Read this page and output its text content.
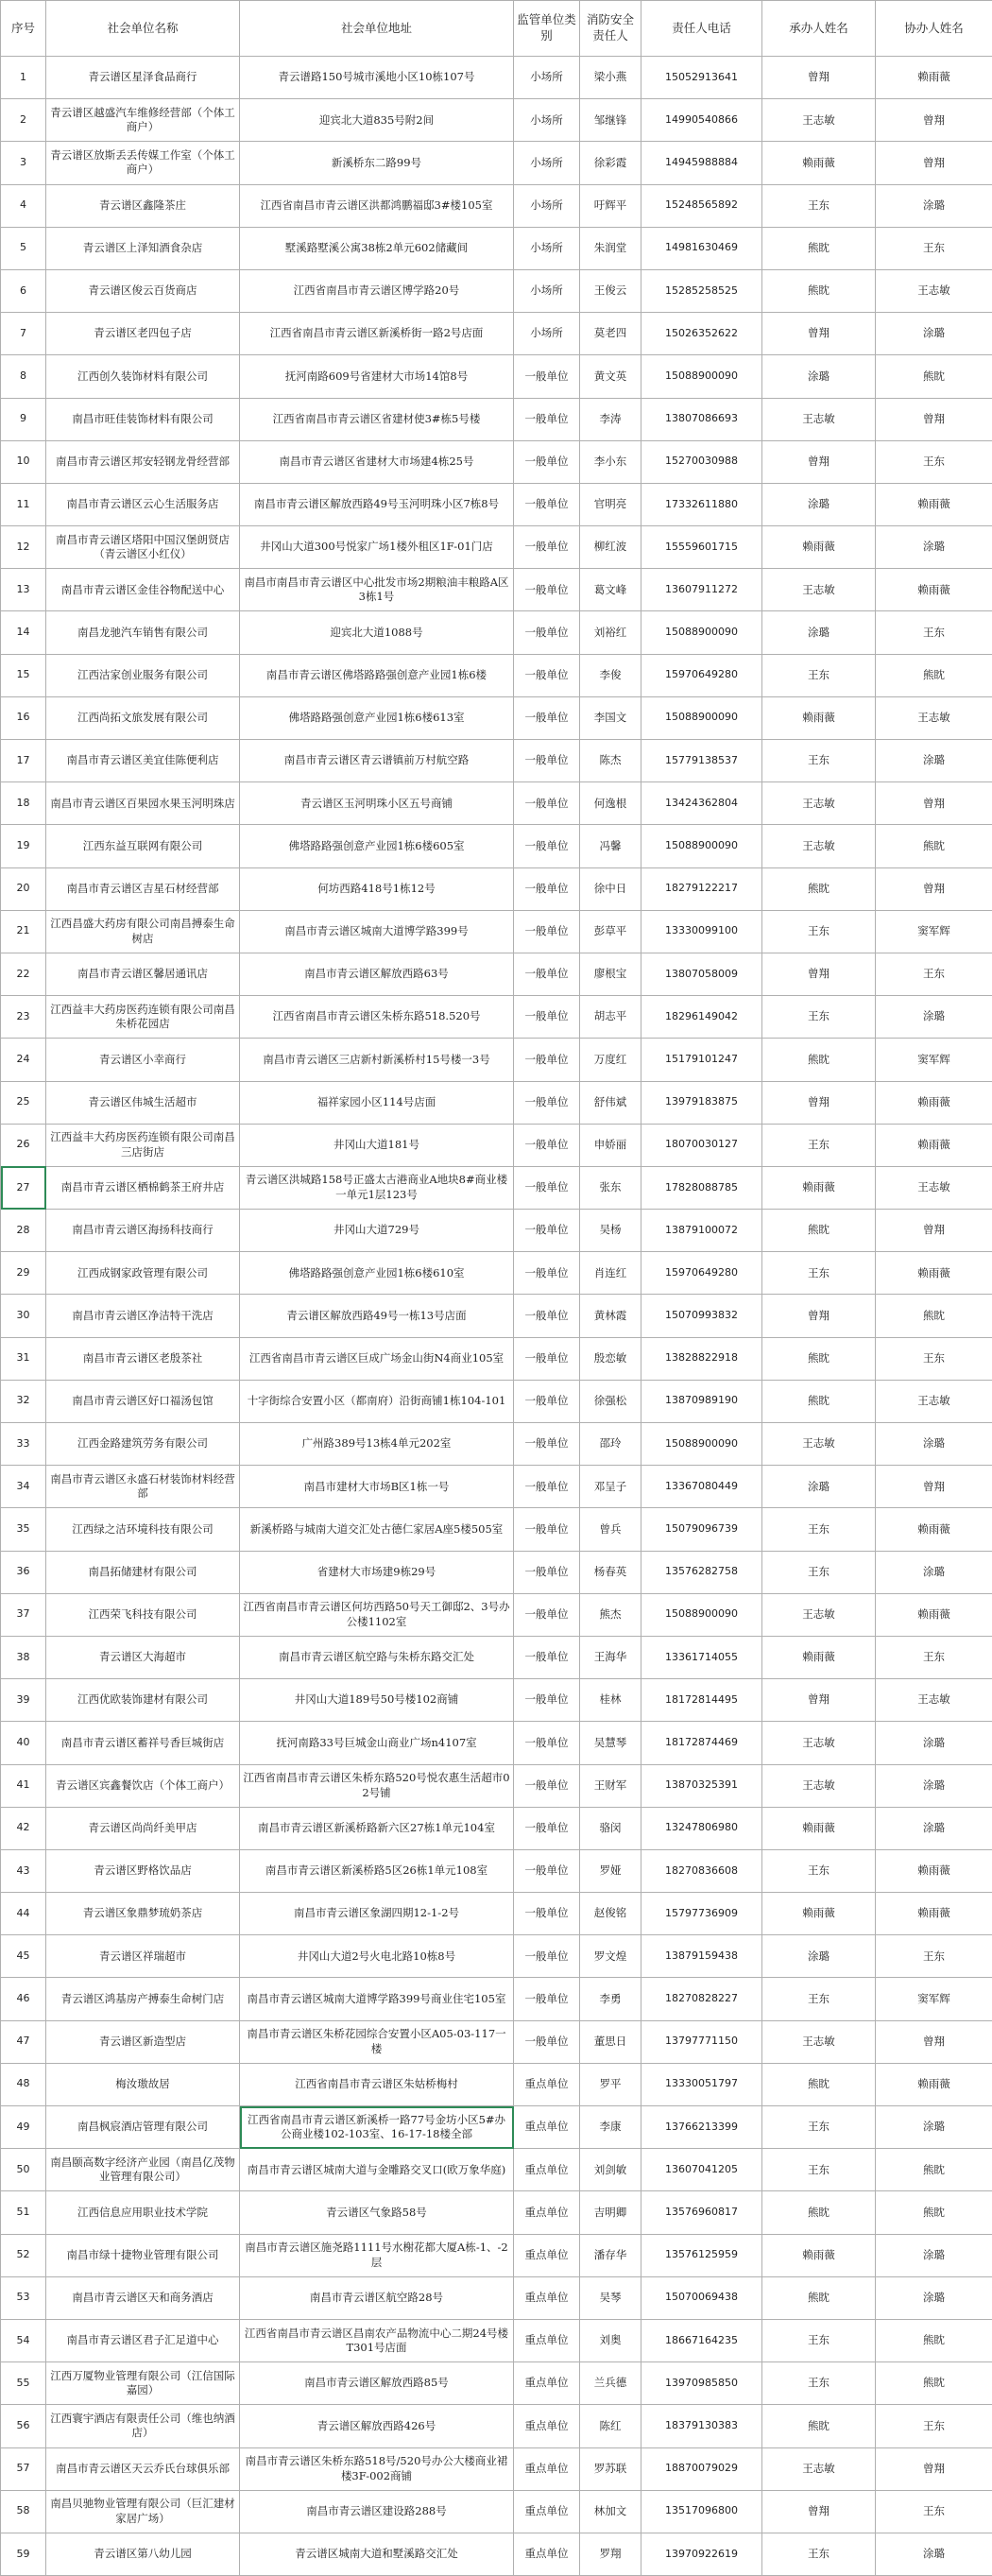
序号	社会单位名称	社会单位地址	监管单位类别	消防安全责任人	责任人电话	承办人姓名	协办人姓名
1	青云谱区星泽食品商行	青云谱路150号城市溪地小区10栋107号	小场所	梁小燕	15052913641	曾翔	赖雨薇
2	青云谱区越盛汽车维修经营部（个体工商户）	迎宾北大道835号附2间	小场所	邹继锋	14990540866	王志敏	曾翔
3	青云谱区放斯丢丢传媒工作室（个体工商户）	新溪桥东二路99号	小场所	徐彩霞	14945988884	赖雨薇	曾翔
4	青云谱区鑫隆茶庄	江西省南昌市青云谱区洪都鸿鹏福邸3#楼105室	小场所	吁辉平	15248565892	王东	涂璐
5	青云谱区上泽知酒食杂店	墅溪路墅溪公寓38栋2单元602储藏间	小场所	朱润堂	14981630469	熊眈	王东
6	青云谱区俊云百货商店	江西省南昌市青云谱区博学路20号	小场所	王俊云	15285258525	熊眈	王志敏
7	青云谱区老四包子店	江西省南昌市青云谱区新溪桥街一路2号店面	小场所	莫老四	15026352622	曾翔	涂璐
8	江西创久装饰材料有限公司	抚河南路609号省建材大市场14馆8号	一般单位	黄文英	15088900090	涂璐	熊眈
9	南昌市旺佳装饰材料有限公司	江西省南昌市青云谱区省建材使3#栋5号楼	一般单位	李涛	13807086693	王志敏	曾翔
10	南昌市青云谱区邦安轻钢龙骨经营部	南昌市青云谱区省建材大市场建4栋25号	一般单位	李小东	15270030988	曾翔	王东
11	南昌市青云谱区云心生活服务店	南昌市青云谱区解放西路49号玉河明珠小区7栋8号	一般单位	官明亮	17332611880	涂璐	赖雨薇
12	南昌市青云谱区塔阳中国汉堡朗贤店（青云谱区小红仪）	井冈山大道300号悦家广场1楼外租区1F-01门店	一般单位	柳红波	15559601715	赖雨薇	涂璐
13	南昌市青云谱区金佳谷物配送中心	南昌市南昌市青云谱区中心批发市场2期粮油丰粮路A区3栋1号	一般单位	葛文峰	13607911272	王志敏	赖雨薇
14	南昌龙驰汽车销售有限公司	迎宾北大道1088号	一般单位	刘裕红	15088900090	涂璐	王东
15	江西沽家创业服务有限公司	南昌市青云谱区佛塔路路强创意产业园1栋6楼	一般单位	李俊	15970649280	王东	熊眈
16	江西尚拓文旅发展有限公司	佛塔路路强创意产业园1栋6楼613室	一般单位	李国文	15088900090	赖雨薇	王志敏
17	南昌市青云谱区美宜佳陈便利店	南昌市青云谱区青云谱镇前万村航空路	一般单位	陈杰	15779138537	王东	涂璐
18	南昌市青云谱区百果园水果玉河明珠店	青云谱区玉河明珠小区五号商铺	一般单位	何逸根	13424362804	王志敏	曾翔
19	江西东益互联网有限公司	佛塔路路强创意产业园1栋6楼605室	一般单位	冯馨	15088900090	王志敏	熊眈
20	南昌市青云谱区吉星石材经营部	何坊西路418号1栋12号	一般单位	徐中日	18279122217	熊眈	曾翔
21	江西昌盛大药房有限公司南昌搏泰生命树店	南昌市青云谱区城南大道博学路399号	一般单位	彭草平	13330099100	王东	窦军辉
22	南昌市青云谱区馨居通讯店	南昌市青云谱区解放西路63号	一般单位	廖根宝	13807058009	曾翔	王东
23	江西益丰大药房医药连锁有限公司南昌朱桥花园店	江西省南昌市青云谱区朱桥东路518.520号	一般单位	胡志平	18296149042	王东	涂璐
24	青云谱区小幸商行	南昌市青云谱区三店新村新溪桥村15号楼一3号	一般单位	万度红	15179101247	熊眈	窦军辉
25	青云谱区伟城生活超市	福祥家园小区114号店面	一般单位	舒伟斌	13979183875	曾翔	赖雨薇
26	江西益丰大药房医药连锁有限公司南昌三店街店	井冈山大道181号	一般单位	申娇丽	18070030127	王东	赖雨薇
27	南昌市青云谱区栖棉鹤茶王府井店	青云谱区洪城路158号正盛太古港商业A地块8#商业楼一单元1层123号	一般单位	张东	17828088785	赖雨薇	王志敏
28	南昌市青云谱区海扬科技商行	井冈山大道729号	一般单位	吴杨	13879100072	熊眈	曾翔
29	江西成钢家政管理有限公司	佛塔路路强创意产业园1栋6楼610室	一般单位	肖连红	15970649280	王东	赖雨薇
30	南昌市青云谱区净洁特干洗店	青云谱区解放西路49号一栋13号店面	一般单位	黄林霞	15070993832	曾翔	熊眈
31	南昌市青云谱区老殷茶社	江西省南昌市青云谱区巨成广场金山街N4商业105室	一般单位	殷恋敏	13828822918	熊眈	王东
32	南昌市青云谱区好口福汤包馆	十字街综合安置小区（都南府）沿街商铺1栋104-101	一般单位	徐强松	13870989190	熊眈	王志敏
33	江西金路建筑劳务有限公司	广州路389号13栋4单元202室	一般单位	邵玲	15088900090	王志敏	涂璐
34	南昌市青云谱区永盛石材装饰材料经营部	南昌市建材大市场B区1栋一号	一般单位	邓呈子	13367080449	涂璐	曾翔
35	江西绿之洁环境科技有限公司	新溪桥路与城南大道交汇处古德仁家居A座5楼505室	一般单位	曾兵	15079096739	王东	赖雨薇
36	南昌拓储建材有限公司	省建材大市场建9栋29号	一般单位	杨春英	13576282758	王东	涂璐
37	江西荣飞科技有限公司	江西省南昌市青云谱区何坊西路50号天工御邸2、3号办公楼1102室	一般单位	熊杰	15088900090	王志敏	赖雨薇
38	青云谱区大海超市	南昌市青云谱区航空路与朱桥东路交汇处	一般单位	王海华	13361714055	赖雨薇	王东
39	江西优欧装饰建材有限公司	井冈山大道189号50号楼102商铺	一般单位	桂林	18172814495	曾翔	王志敏
40	南昌市青云谱区蓄祥号香巨城街店	抚河南路33号巨城金山商业广场n4107室	一般单位	吴慧琴	18172874469	王志敏	涂璐
41	青云谱区宾鑫餐饮店（个体工商户）	江西省南昌市青云谱区朱桥东路520号悦农惠生活超市02号铺	一般单位	王财军	13870325391	王志敏	涂璐
42	青云谱区尚尚纤美甲店	南昌市青云谱区新溪桥路新六区27栋1单元104室	一般单位	骆闵	13247806980	赖雨薇	涂璐
43	青云谱区野格饮品店	南昌市青云谱区新溪桥路5区26栋1单元108室	一般单位	罗娅	18270836608	王东	赖雨薇
44	青云谱区象鼎梦琉奶茶店	南昌市青云谱区象湖四期12-1-2号	一般单位	赵俊铭	15797736909	赖雨薇	赖雨薇
45	青云谱区祥瑞超市	井冈山大道2号火电北路10栋8号	一般单位	罗文煌	13879159438	涂璐	王东
46	青云谱区鸿基房产搏泰生命树门店	南昌市青云谱区城南大道博学路399号商业住宅105室	一般单位	李勇	18270828227	王东	窦军辉
47	青云谱区新造型店	南昌市青云谱区朱桥花园综合安置小区A05-03-117一楼	一般单位	董思日	13797771150	王志敏	曾翔
48	梅汝璈故居	江西省南昌市青云谱区朱姑桥梅村	重点单位	罗平	13330051797	熊眈	赖雨薇
49	南昌枫宸酒店管理有限公司	江西省南昌市青云谱区新溪桥一路77号金坊小区5#办公商业楼102-103室、16-17-18楼全部	重点单位	李康	13766213399	王东	涂璐
50	南昌颐高数字经济产业园（南昌亿茂物业管理有限公司）	南昌市青云谱区城南大道与金雕路交叉口(欧万象华庭)	重点单位	刘剑敏	13607041205	王东	熊眈
51	江西信息应用职业技术学院	青云谱区气象路58号	重点单位	吉明卿	13576960817	熊眈	熊眈
52	南昌市绿十捷物业管理有限公司	南昌市青云谱区施尧路1111号水榭花都大厦A栋-1、-2层	重点单位	潘存华	13576125959	赖雨薇	涂璐
53	南昌市青云谱区天和商务酒店	南昌市青云谱区航空路28号	重点单位	吴琴	15070069438	熊眈	涂璐
54	南昌市青云谱区君子汇足道中心	江西省南昌市青云谱区昌南农产品物流中心二期24号楼T301号店面	重点单位	刘奥	18667164235	王东	熊眈
55	江西万厦物业管理有限公司（江信国际嘉园）	南昌市青云谱区解放西路85号	重点单位	兰兵德	13970985850	王东	熊眈
56	江西寰宇酒店有限责任公司（维也纳酒店）	青云谱区解放西路426号	重点单位	陈红	18379130383	熊眈	王东
57	南昌市青云谱区天云乔氏台球俱乐部	南昌市青云谱区朱桥东路518号/520号办公大楼商业裙楼3F-002商铺	重点单位	罗苏联	18870079029	王志敏	曾翔
58	南昌贝驰物业管理有限公司（巨汇建材家居广场）	南昌市青云谱区建设路288号	重点单位	林加文	13517096800	曾翔	王东
59	青云谱区第八幼儿园	青云谱区城南大道和墅溪路交汇处	重点单位	罗翔	13970922619	王东	涂璐
